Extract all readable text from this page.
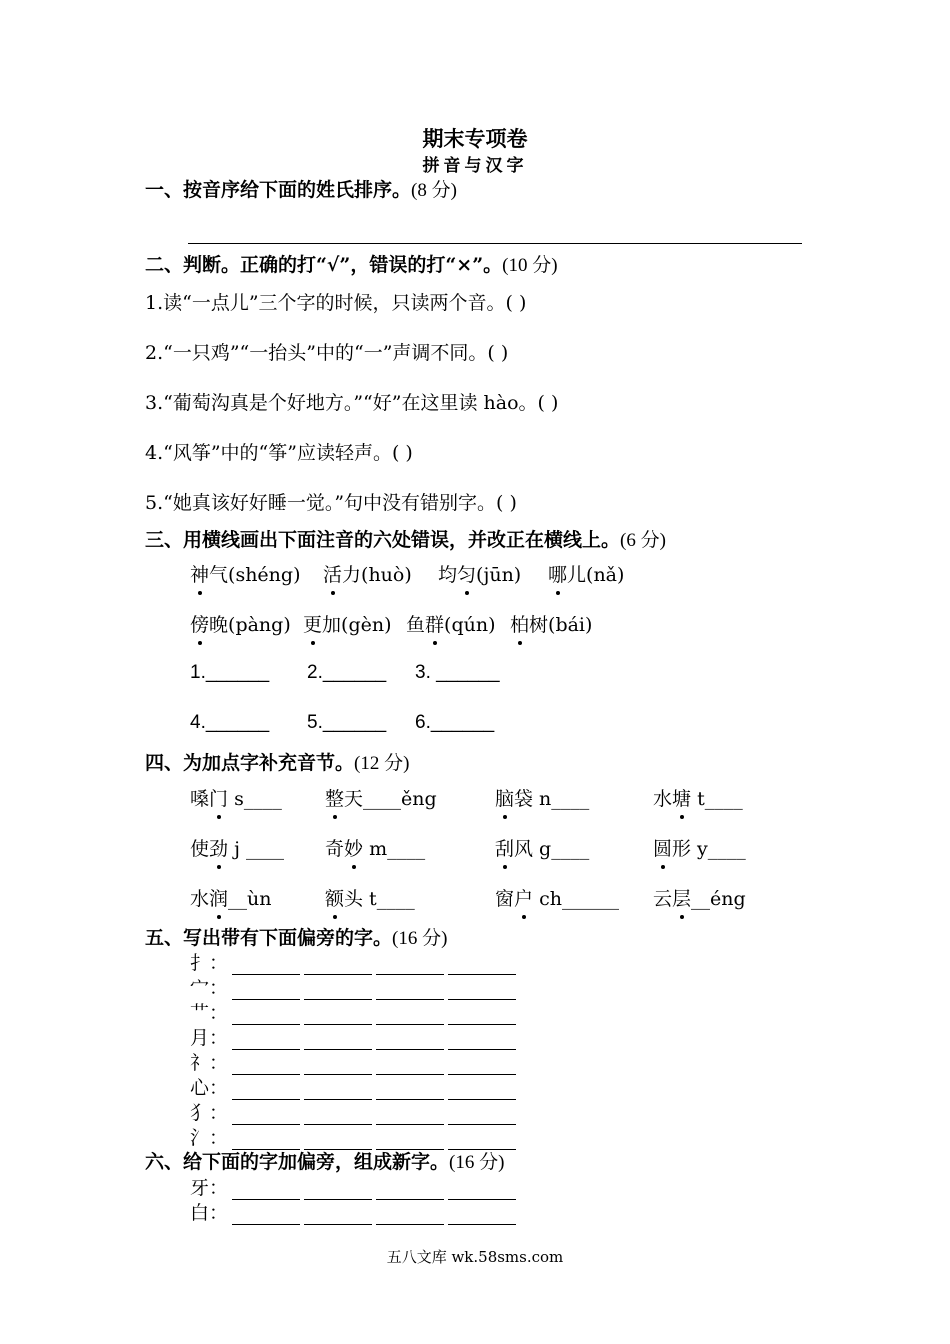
期末专项卷
拼音与汉字
一、按音序给下面的姓氏排序。(8 分)
二、判断。正确的打“√”，错误的打“×”。(10 分)
1.读“一点儿”三个字的时候，只读两个音。( )
2.“一只鸡”“一抬头”中的“一”声调不同。( )
3.“葡萄沟真是个好地方。”“好”在这里读 hào。( )
4.“风筝”中的“筝”应读轻声。( )
5.“她真该好好睡一觉。”句中没有错别字。( )
三、用横线画出下面注音的六处错误，并改正在横线上。(6 分)
神气(shéng) 活力(huò) 均匀(jūn) 哪儿(nǎ)
傍晚(pàng) 更加(gèn) 鱼群(qún) 柏树(bái)
1.______ 2.______ 3. ______
4.______ 5.______ 6.______
四、为加点字补充音节。(12 分)
嗓门 s____ 整天____ěng	脑袋 n____	水塘 t____
使劲 j ____ 奇妙 m____	刮风 g____	圆形 y____
水润__ùn	额头 t____	窗户 ch______ 云层__éng
五、写出带有下面偏旁的字。(16 分)
扌：
宀：
艹：
月：
礻：
心：
犭：
氵：
六、给下面的字加偏旁，组成新字。(16 分)
牙：
白：
五八文库 wk.58sms.com
